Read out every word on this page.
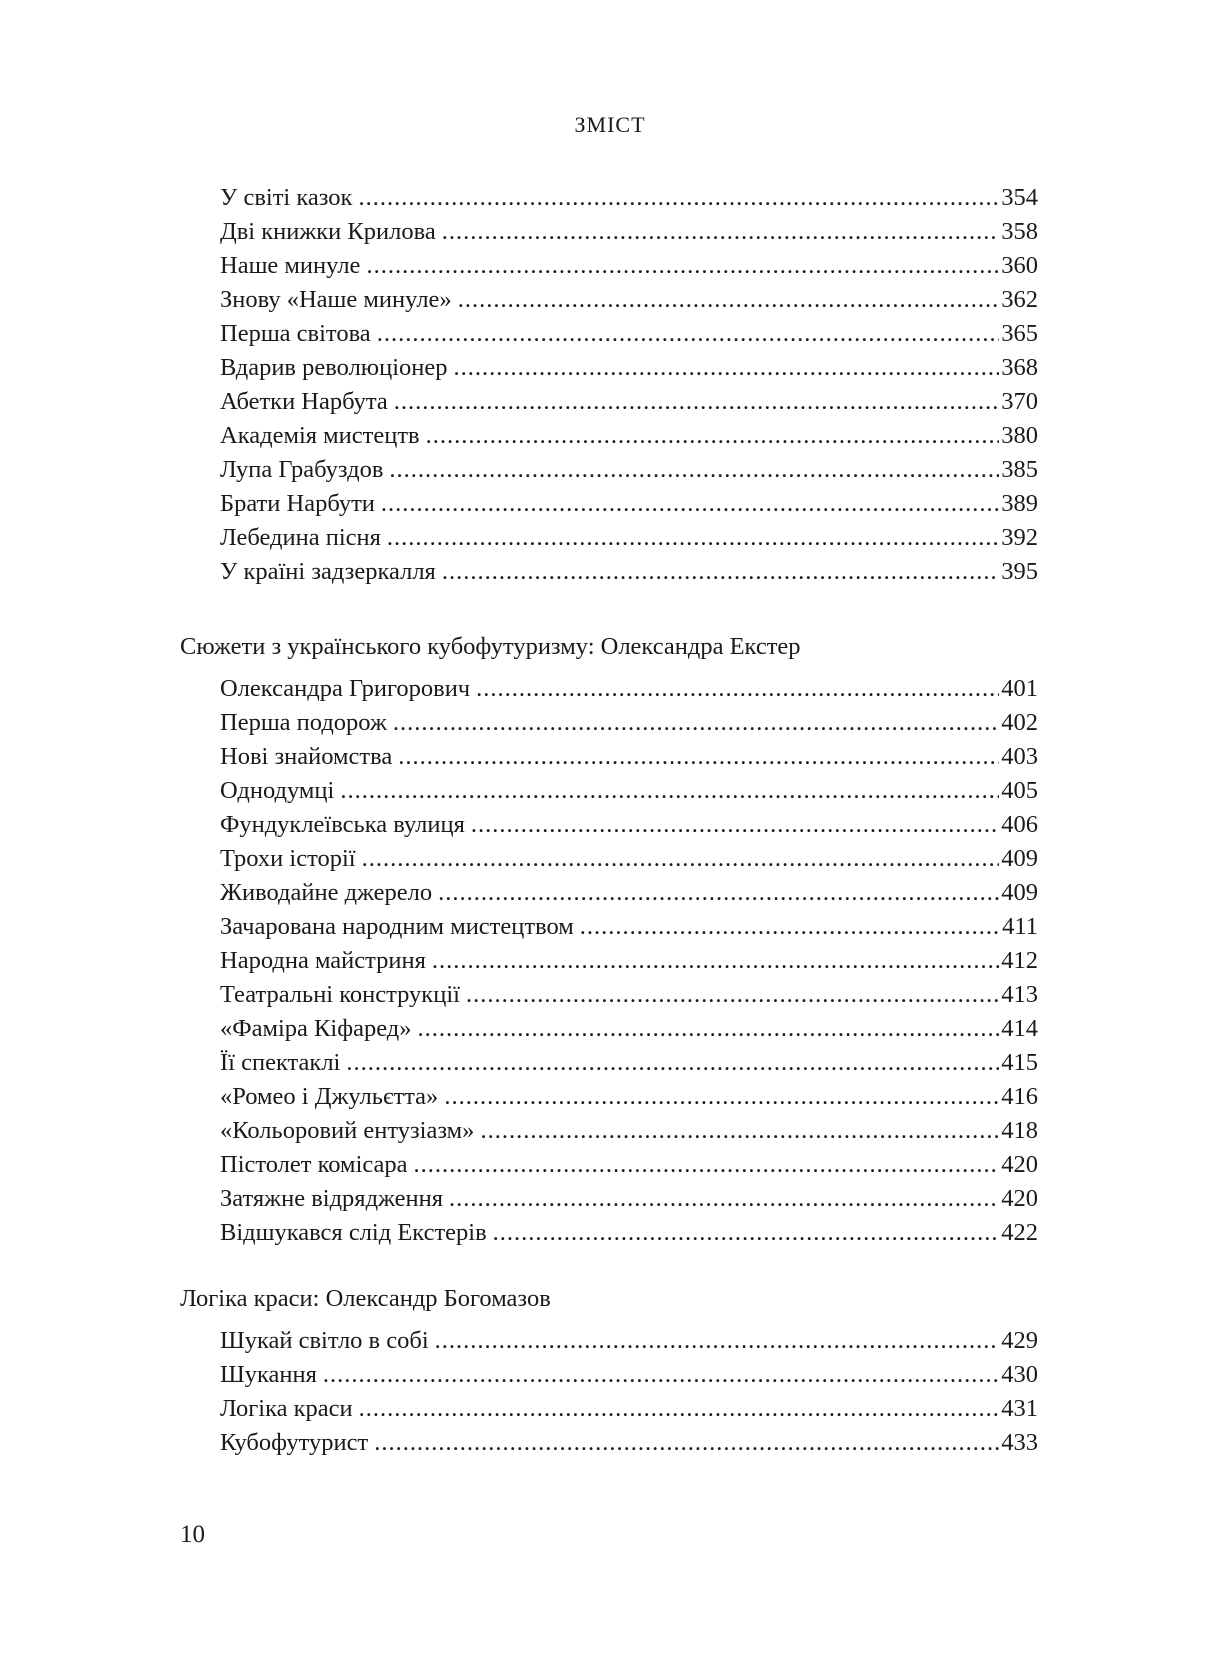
ЗМІСТ
У світі казок .....	354
Дві книжки Крилова .....	358
Наше минуле .....	360
Знову «Наше минуле» .....	362
Перша світова .....	365
Вдарив революціонер .....	368
Абетки Нарбута .....	370
Академія мистецтв .....	380
Лупа Грабуздов .....	385
Брати Нарбути .....	389
Лебедина пісня .....	392
У країні задзеркалля .....	395
Сюжети з українського кубофутуризму: Олександра Екстер
Олександра Григорович .....	401
Перша подорож .....	402
Нові знайомства .....	403
Однодумці .....	405
Фундуклеївська вулиця .....	406
Трохи історії .....	409
Живодайне джерело .....	409
Зачарована народним мистецтвом .....	411
Народна майстриня .....	412
Театральні конструкції .....	413
«Фаміра Кіфаред» .....	414
Її спектаклі .....	415
«Ромео і Джульєтта» .....	416
«Кольоровий ентузіазм» .....	418
Пістолет комісара .....	420
Затяжне відрядження .....	420
Відшукався слід Екстерів .....	422
Логіка краси: Олександр Богомазов
Шукай світло в собі .....	429
Шукання .....	430
Логіка краси .....	431
Кубофутурист .....	433
10
